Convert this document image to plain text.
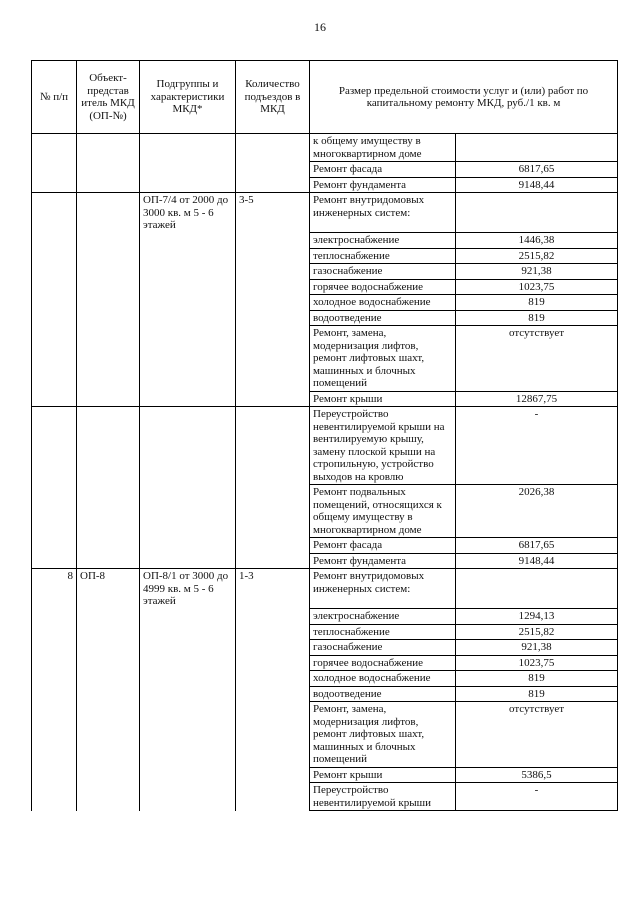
16
№ п/п	Объект-представ итель МКД (ОП-№)	Подгруппы и характеристики МКД*	Количество подъездов в МКД	Размер предельной стоимости услуг и (или) работ по капитальному ремонту МКД, руб./1 кв. м	
				к общему имуществу в многоквартирном доме	
				Ремонт фасада	6817,65
				Ремонт фундамента	9148,44
		ОП-7/4 от 2000 до 3000 кв. м 5 - 6 этажей	3-5	Ремонт внутридомовых инженерных систем:	
				электроснабжение	1446,38
				теплоснабжение	2515,82
				газоснабжение	921,38
				горячее водоснабжение	1023,75
				холодное водоснабжение	819
				водоотведение	819
				Ремонт, замена, модернизация лифтов, ремонт лифтовых шахт, машинных и блочных помещений	отсутствует
				Ремонт крыши	12867,75
				Переустройство невентилируемой крыши на вентилируемую крышу, замену плоской крыши на стропильную, устройство выходов на кровлю	-
				Ремонт подвальных помещений, относящихся к общему имуществу в многоквартирном доме	2026,38
				Ремонт фасада	6817,65
				Ремонт фундамента	9148,44
8	ОП-8	ОП-8/1 от 3000 до 4999 кв. м 5 - 6 этажей	1-3	Ремонт внутридомовых инженерных систем:	
				электроснабжение	1294,13
				теплоснабжение	2515,82
				газоснабжение	921,38
				горячее водоснабжение	1023,75
				холодное водоснабжение	819
				водоотведение	819
				Ремонт, замена, модернизация лифтов, ремонт лифтовых шахт, машинных и блочных помещений	отсутствует
				Ремонт крыши	5386,5
				Переустройство невентилируемой крыши	-
